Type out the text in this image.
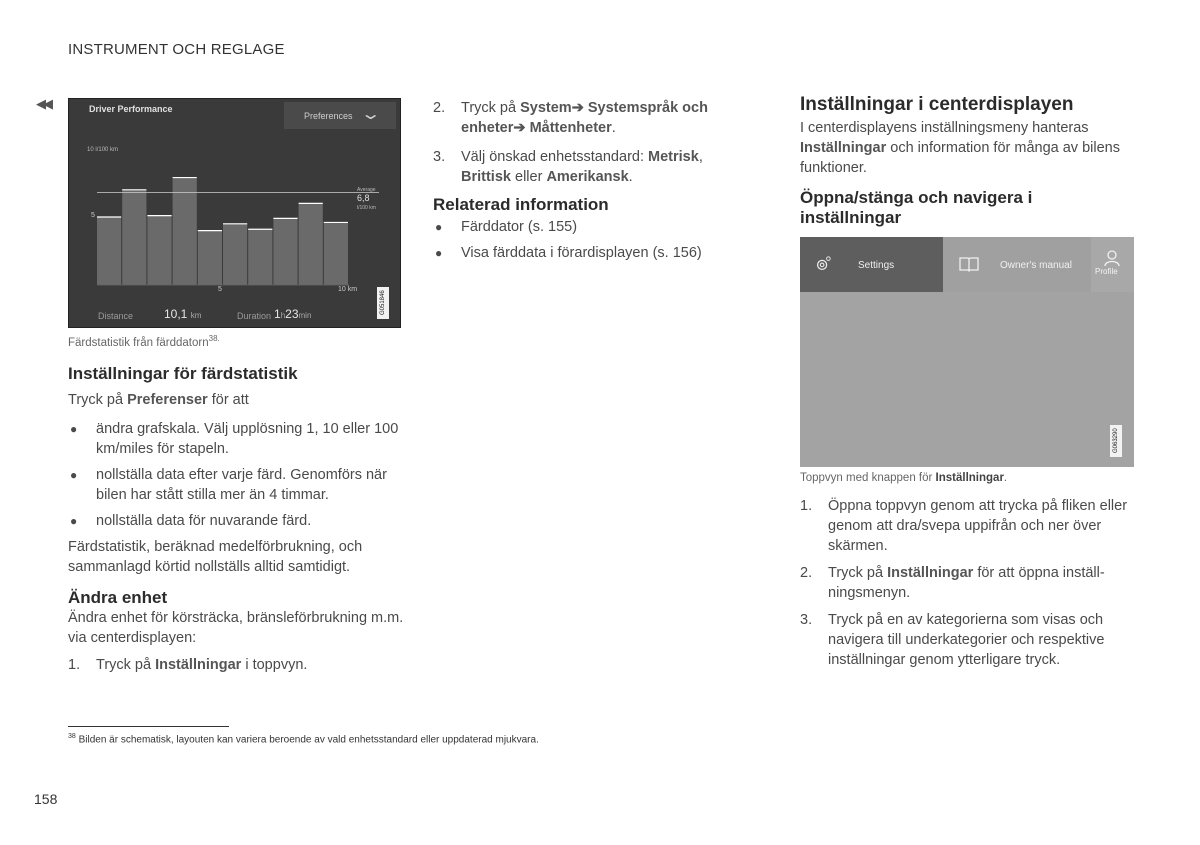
INSTRUMENT OCH REGLAGE
◀◀	Driver Performance
Preferences ⌄
10 l/100 km
5
5	10 km
Average
6,8
l/100 km
Distance	10,1 km	Duration 1h23min
G051846
Färdstatistik från färddatorn$^{38.}$
Inställningar för färdstatistik

Tryck på Preferenser för att

● ändra grafskala. Välj upplösning 1, 10 eller 100 km/miles för stapeln.
● nollställa data efter varje färd. Genomförs när bilen har stått stilla mer än 4 timmar.
● nollställa data för nuvarande färd.

Färdstatistik, beräknad medelförbrukning, och sammanlagd körtid nollställs alltid samtidigt.

Ändra enhet

Ändra enhet för körsträcka, bränsleförbrukning m.m. via centerdisplayen:

1. Tryck på Inställningar i toppvyn.
2. Tryck på System➔ Systemspråk och enheter➔ Måttenheter.
3. Välj önskad enhetsstandard: Metrisk, Brittisk eller Amerikansk.
Relaterad information
● Färddator (s. 155)
● Visa färddata i förardisplayen (s. 156)
Inställningar i centerdisplayen

I centerdisplayens inställningsmeny hanteras Inställningar och information för många av bilens funktioner.

Öppna/stänga och navigera i inställningar
Settings	Owner's manual
Profile
G063290
Toppvyn med knappen för Inställningar.
1. Öppna toppvyn genom att trycka på fliken eller genom att dra/svepa uppifrån och ner över skärmen.
2. Tryck på Inställningar för att öppna inställningsmenyn.
3. Tryck på en av kategorierna som visas och navigera till underkategorier och respektive inställningar genom ytterligare tryck.
$^{38}$ Bilden är schematisk, layouten kan variera beroende av vald enhetsstandard eller uppdaterad mjukvara.
158
